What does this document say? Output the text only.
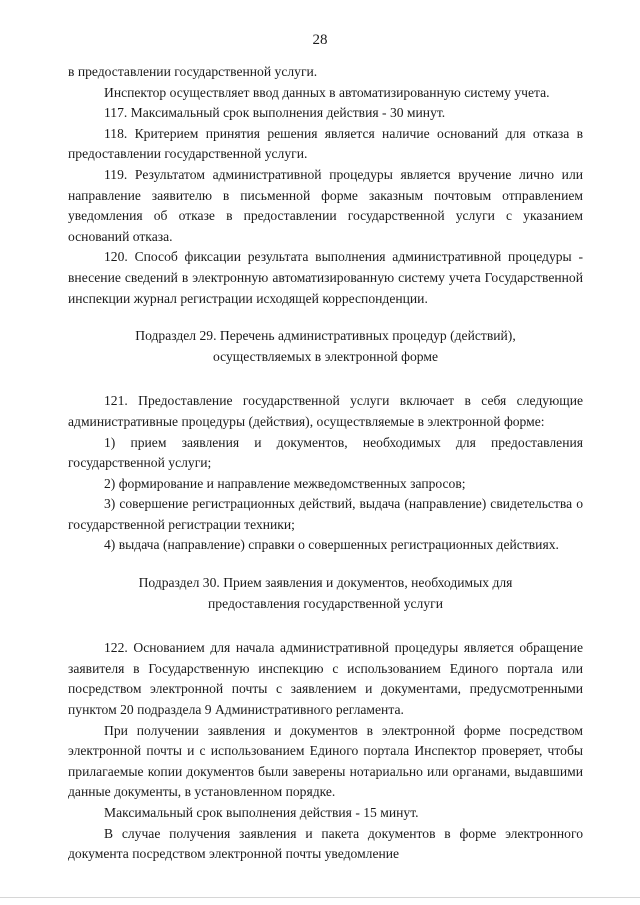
28

в предоставлении государственной услуги.

Инспектор осуществляет ввод данных в автоматизированную систему учета.

117. Максимальный срок выполнения действия - 30 минут.

118. Критерием принятия решения является наличие оснований для отказа в предоставлении государственной услуги.

119. Результатом административной процедуры является вручение лично или направление заявителю в письменной форме заказным почтовым отправлением уведомления об отказе в предоставлении государственной услуги с указанием оснований отказа.

120. Способ фиксации результата выполнения административной процедуры - внесение сведений в электронную автоматизированную систему учета Государственной инспекции журнал регистрации исходящей корреспонденции.

Подраздел 29. Перечень административных процедур (действий),
осуществляемых в электронной форме

121. Предоставление государственной услуги включает в себя следующие административные процедуры (действия), осуществляемые в электронной форме:

1) прием заявления и документов, необходимых для предоставления государственной услуги;

2) формирование и направление межведомственных запросов;

3) совершение регистрационных действий, выдача (направление) свидетельства о государственной регистрации техники;

4) выдача (направление) справки о совершенных регистрационных действиях.

Подраздел 30. Прием заявления и документов, необходимых для
предоставления государственной услуги

122. Основанием для начала административной процедуры является обращение заявителя в Государственную инспекцию с использованием Единого портала или посредством электронной почты с заявлением и документами, предусмотренными пунктом 20 подраздела 9 Административного регламента.

При получении заявления и документов в электронной форме посредством электронной почты и с использованием Единого портала Инспектор проверяет, чтобы прилагаемые копии документов были заверены нотариально или органами, выдавшими данные документы, в установленном порядке.

Максимальный срок выполнения действия - 15 минут.

В случае получения заявления и пакета документов в форме электронного документа посредством электронной почты уведомление
